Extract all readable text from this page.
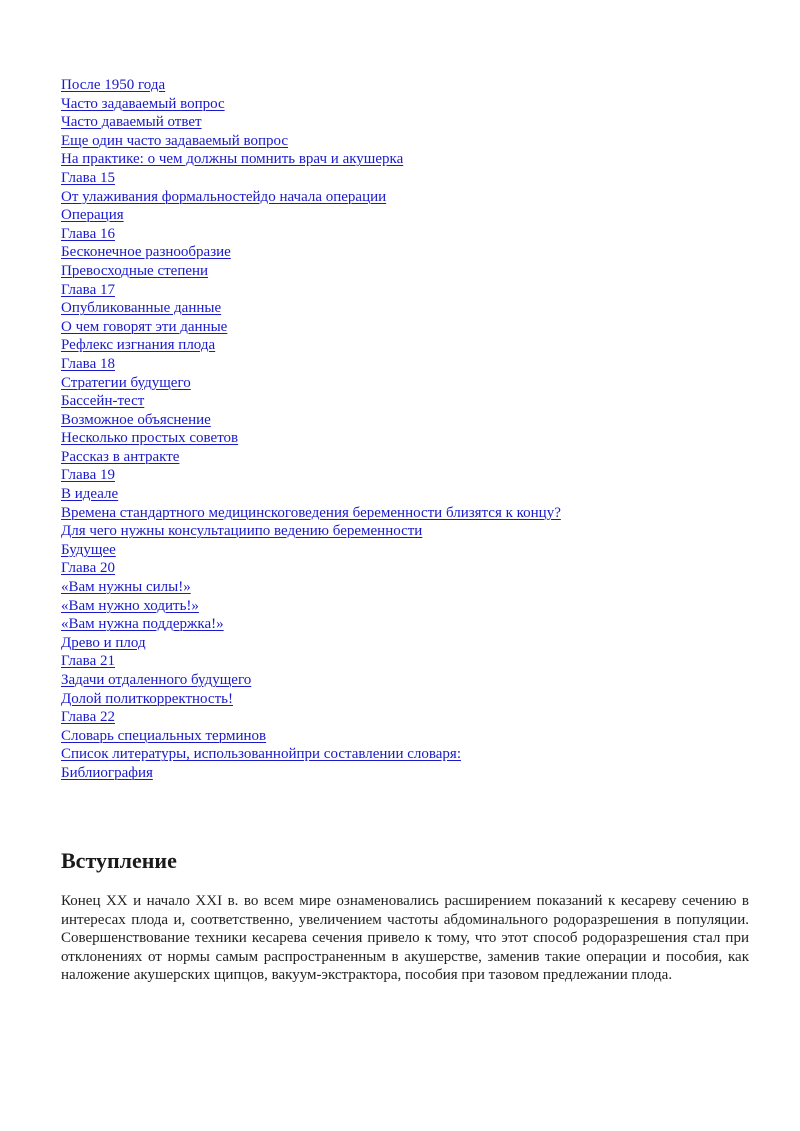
После 1950 года
Часто задаваемый вопрос
Часто даваемый ответ
Еще один часто задаваемый вопрос
На практике: о чем должны помнить врач и акушерка
Глава 15
От улаживания формальностейдо начала операции
Операция
Глава 16
Бесконечное разнообразие
Превосходные степени
Глава 17
Опубликованные данные
О чем говорят эти данные
Рефлекс изгнания плода
Глава 18
Стратегии будущего
Бассейн-тест
Возможное объяснение
Несколько простых советов
Рассказ в антракте
Глава 19
В идеале
Времена стандартного медицинскоговедения беременности близятся к концу?
Для чего нужны консультациипо ведению беременности
Будущее
Глава 20
«Вам нужны силы!»
«Вам нужно ходить!»
«Вам нужна поддержка!»
Древо и плод
Глава 21
Задачи отдаленного будущего
Долой политкорректность!
Глава 22
Словарь специальных терминов
Список литературы, использованнойпри составлении словаря:
Библиография
Вступление

Конец XX и начало XXI в. во всем мире ознаменовались расширением показаний к кесареву сечению в интересах плода и, соответственно, увеличением частоты абдоминального родоразрешения в популяции. Совершенствование техники кесарева сечения привело к тому, что этот способ родоразрешения стал при отклонениях от нормы самым распространенным в акушерстве, заменив такие операции и пособия, как наложение акушерских щипцов, вакуум-экстрактора, пособия при тазовом предлежании плода.
